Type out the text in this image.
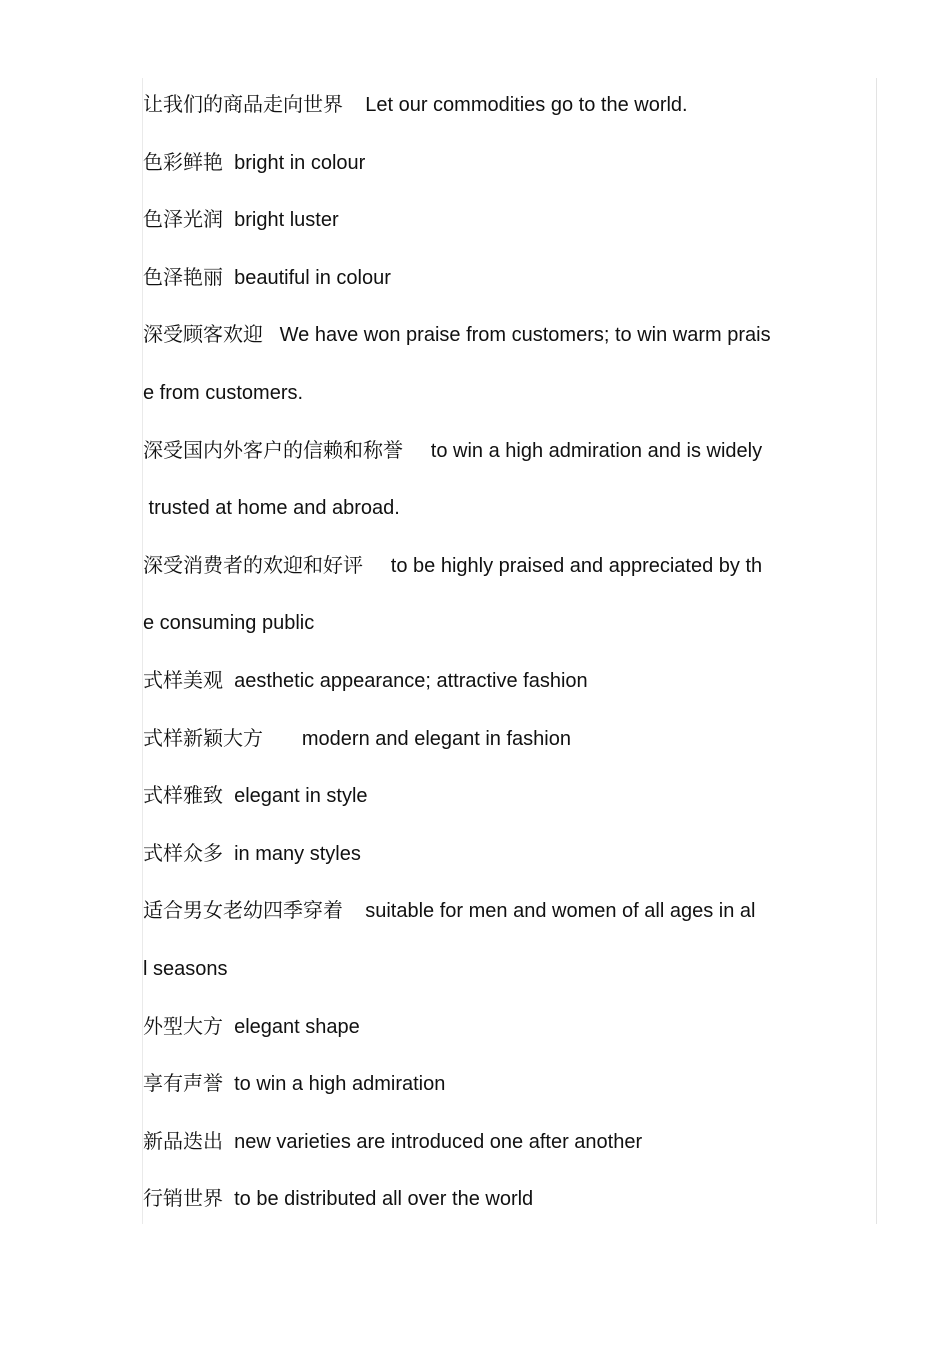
让我们的商品走向世界    Let our commodities go to the world.
色彩鲜艳  bright in colour
色泽光润  bright luster
色泽艳丽  beautiful in colour
深受顾客欢迎   We have won praise from customers; to win warm prais
e from customers.
深受国内外客户的信赖和称誉     to win a high admiration and is widely
trusted at home and abroad.
深受消费者的欢迎和好评     to be highly praised and appreciated by th
e consuming public
式样美观  aesthetic appearance; attractive fashion
式样新颖大方       modern and elegant in fashion
式样雅致  elegant in style
式样众多  in many styles
适合男女老幼四季穿着    suitable for men and women of all ages in al
l seasons
外型大方  elegant shape
享有声誉  to win a high admiration
新品迭出  new varieties are introduced one after another
行销世界  to be distributed all over the world
